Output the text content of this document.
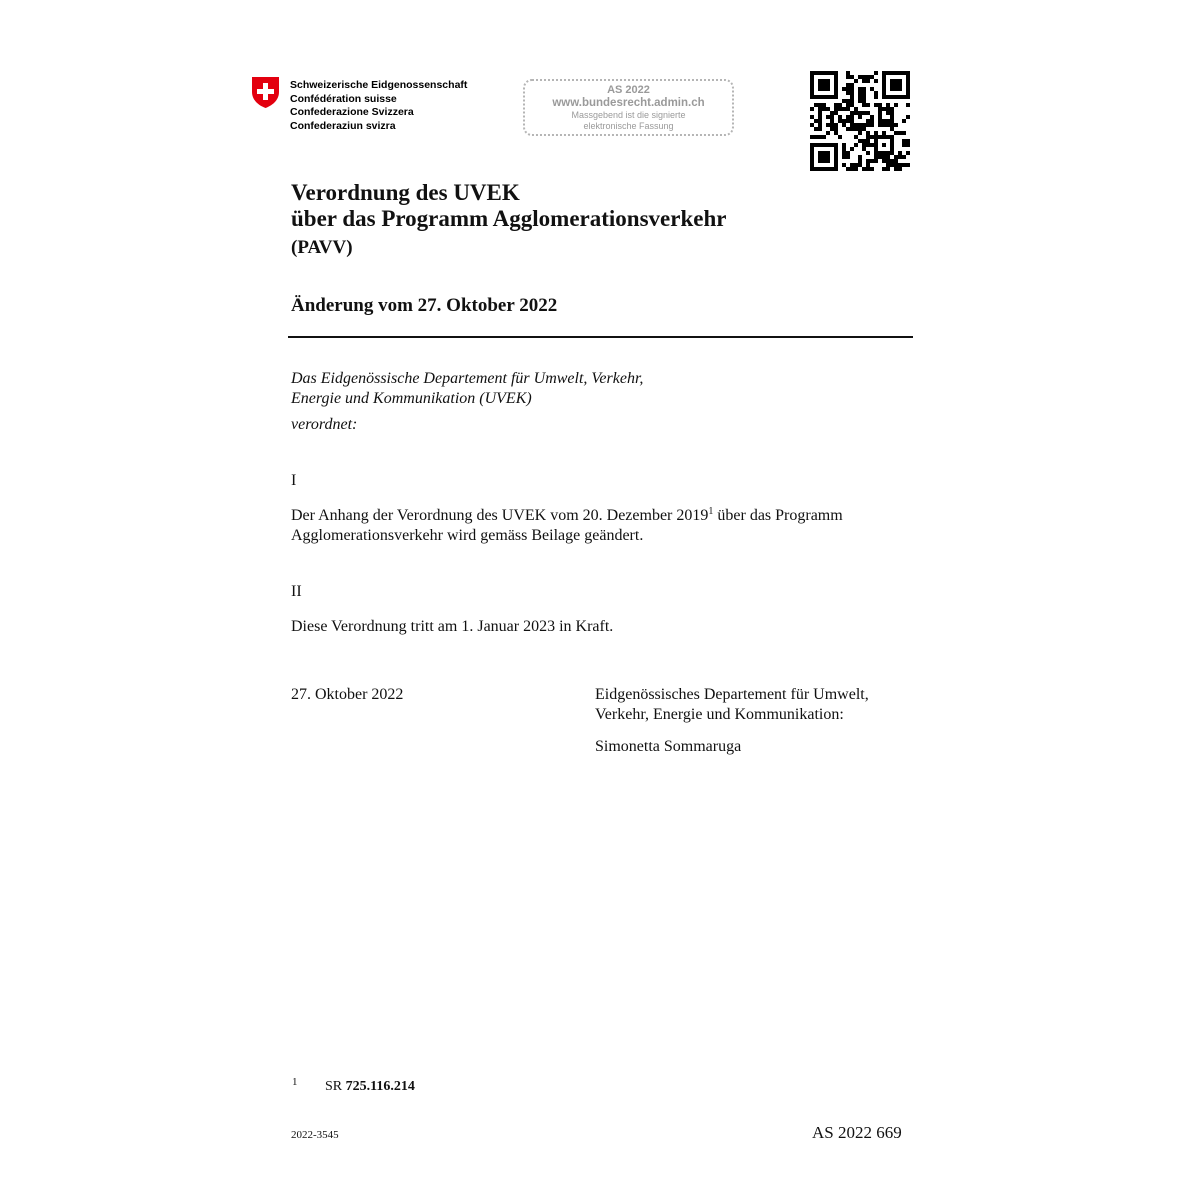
Schweizerische Eidgenossenschaft
Confédération suisse
Confederazione Svizzera
Confederaziun svizra
AS 2022
www.bundesrecht.admin.ch
Massgebend ist die signierte
elektronische Fassung
Verordnung des UVEK
über das Programm Agglomerationsverkehr
(PAVV)
Änderung vom 27. Oktober 2022
Das Eidgenössische Departement für Umwelt, Verkehr,
Energie und Kommunikation (UVEK)
verordnet:
I
Der Anhang der Verordnung des UVEK vom 20. Dezember 2019$^1$ über das Programm Agglomerationsverkehr wird gemäss Beilage geändert.
II
Diese Verordnung tritt am 1. Januar 2023 in Kraft.
27. Oktober 2022	Eidgenössisches Departement für Umwelt,
Verkehr, Energie und Kommunikation:
Simonetta Sommaruga
1 SR 725.116.214
2022-3545	AS 2022 669
